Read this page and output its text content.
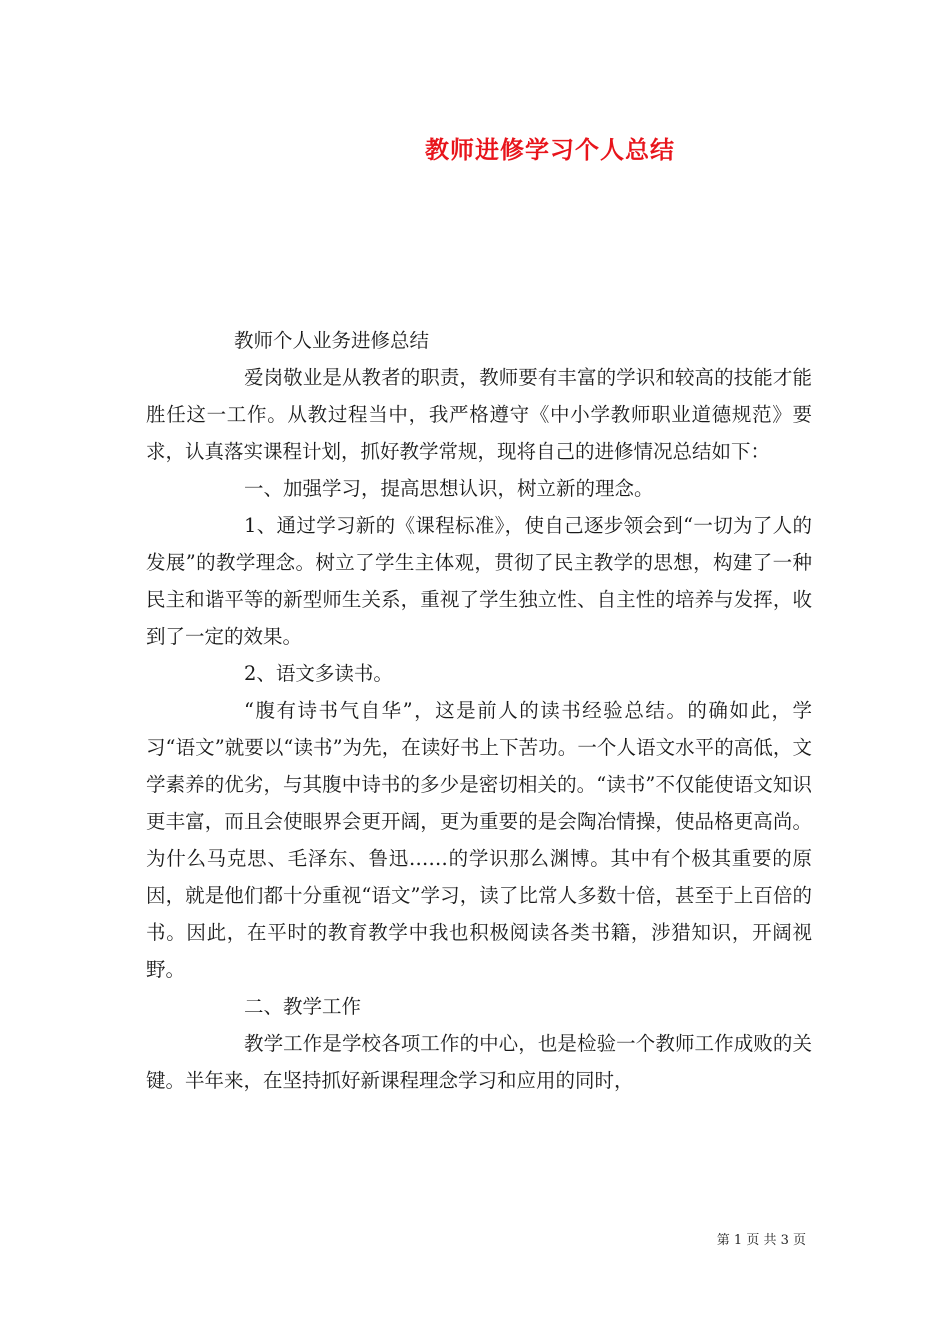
教师进修学习个人总结

教师个人业务进修总结

爱岗敬业是从教者的职责，教师要有丰富的学识和较高的技能才能胜任这一工作。从教过程当中，我严格遵守《中小学教师职业道德规范》要求，认真落实课程计划，抓好教学常规，现将自己的进修情况总结如下：

一、加强学习，提高思想认识，树立新的理念。

1、通过学习新的《课程标准》，使自己逐步领会到“一切为了人的发展”的教学理念。树立了学生主体观，贯彻了民主教学的思想，构建了一种民主和谐平等的新型师生关系，重视了学生独立性、自主性的培养与发挥，收到了一定的效果。

2、语文多读书。

“腹有诗书气自华”，这是前人的读书经验总结。的确如此，学习“语文”就要以“读书”为先，在读好书上下苦功。一个人语文水平的高低，文学素养的优劣，与其腹中诗书的多少是密切相关的。“读书”不仅能使语文知识更丰富，而且会使眼界会更开阔，更为重要的是会陶冶情操，使品格更高尚。为什么马克思、毛泽东、鲁迅……的学识那么渊博。其中有个极其重要的原因，就是他们都十分重视“语文”学习，读了比常人多数十倍，甚至于上百倍的书。因此，在平时的教育教学中我也积极阅读各类书籍，涉猎知识，开阔视野。

二、教学工作

教学工作是学校各项工作的中心，也是检验一个教师工作成败的关键。半年来，在坚持抓好新课程理念学习和应用的同时，

第 1 页 共 3 页
